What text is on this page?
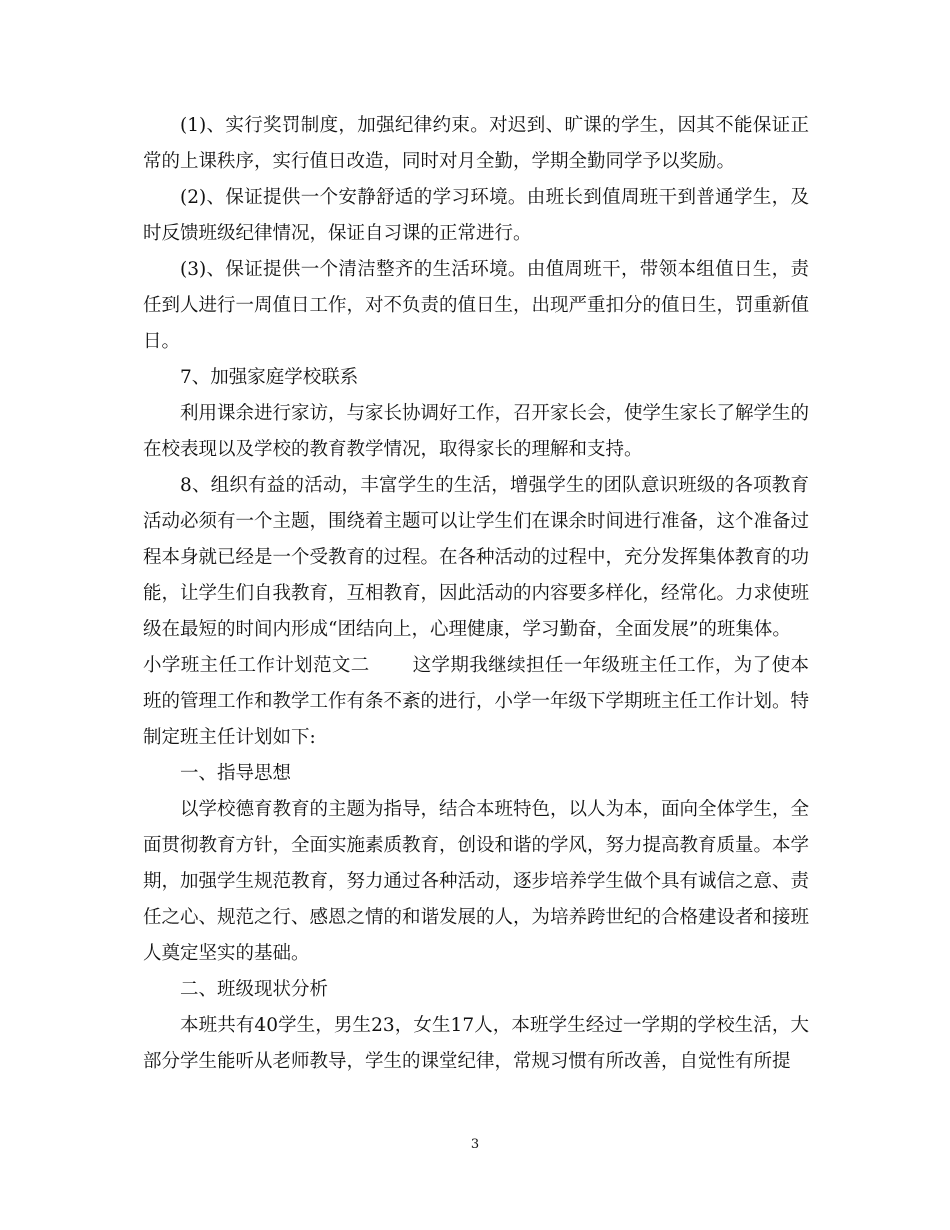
(1)、实行奖罚制度，加强纪律约束。对迟到、旷课的学生，因其不能保证正常的上课秩序，实行值日改造，同时对月全勤，学期全勤同学予以奖励。

(2)、保证提供一个安静舒适的学习环境。由班长到值周班干到普通学生，及时反馈班级纪律情况，保证自习课的正常进行。

(3)、保证提供一个清洁整齐的生活环境。由值周班干，带领本组值日生，责任到人进行一周值日工作，对不负责的值日生，出现严重扣分的值日生，罚重新值日。

7、加强家庭学校联系

利用课余进行家访，与家长协调好工作，召开家长会，使学生家长了解学生的在校表现以及学校的教育教学情况，取得家长的理解和支持。

8、组织有益的活动，丰富学生的生活，增强学生的团队意识班级的各项教育活动必须有一个主题，围绕着主题可以让学生们在课余时间进行准备，这个准备过程本身就已经是一个受教育的过程。在各种活动的过程中，充分发挥集体教育的功能，让学生们自我教育，互相教育，因此活动的内容要多样化，经常化。力求使班级在最短的时间内形成“团结向上，心理健康，学习勤奋，全面发展”的班集体。

小学班主任工作计划范文二 这学期我继续担任一年级班主任工作，为了使本班的管理工作和教学工作有条不紊的进行，小学一年级下学期班主任工作计划。特制定班主任计划如下:

一、指导思想

以学校德育教育的主题为指导，结合本班特色，以人为本，面向全体学生，全面贯彻教育方针，全面实施素质教育，创设和谐的学风，努力提高教育质量。本学期，加强学生规范教育，努力通过各种活动，逐步培养学生做个具有诚信之意、责任之心、规范之行、感恩之情的和谐发展的人，为培养跨世纪的合格建设者和接班人奠定坚实的基础。

二、班级现状分析

本班共有40学生，男生23，女生17人，本班学生经过一学期的学校生活，大部分学生能听从老师教导，学生的课堂纪律，常规习惯有所改善，自觉性有所提

3
